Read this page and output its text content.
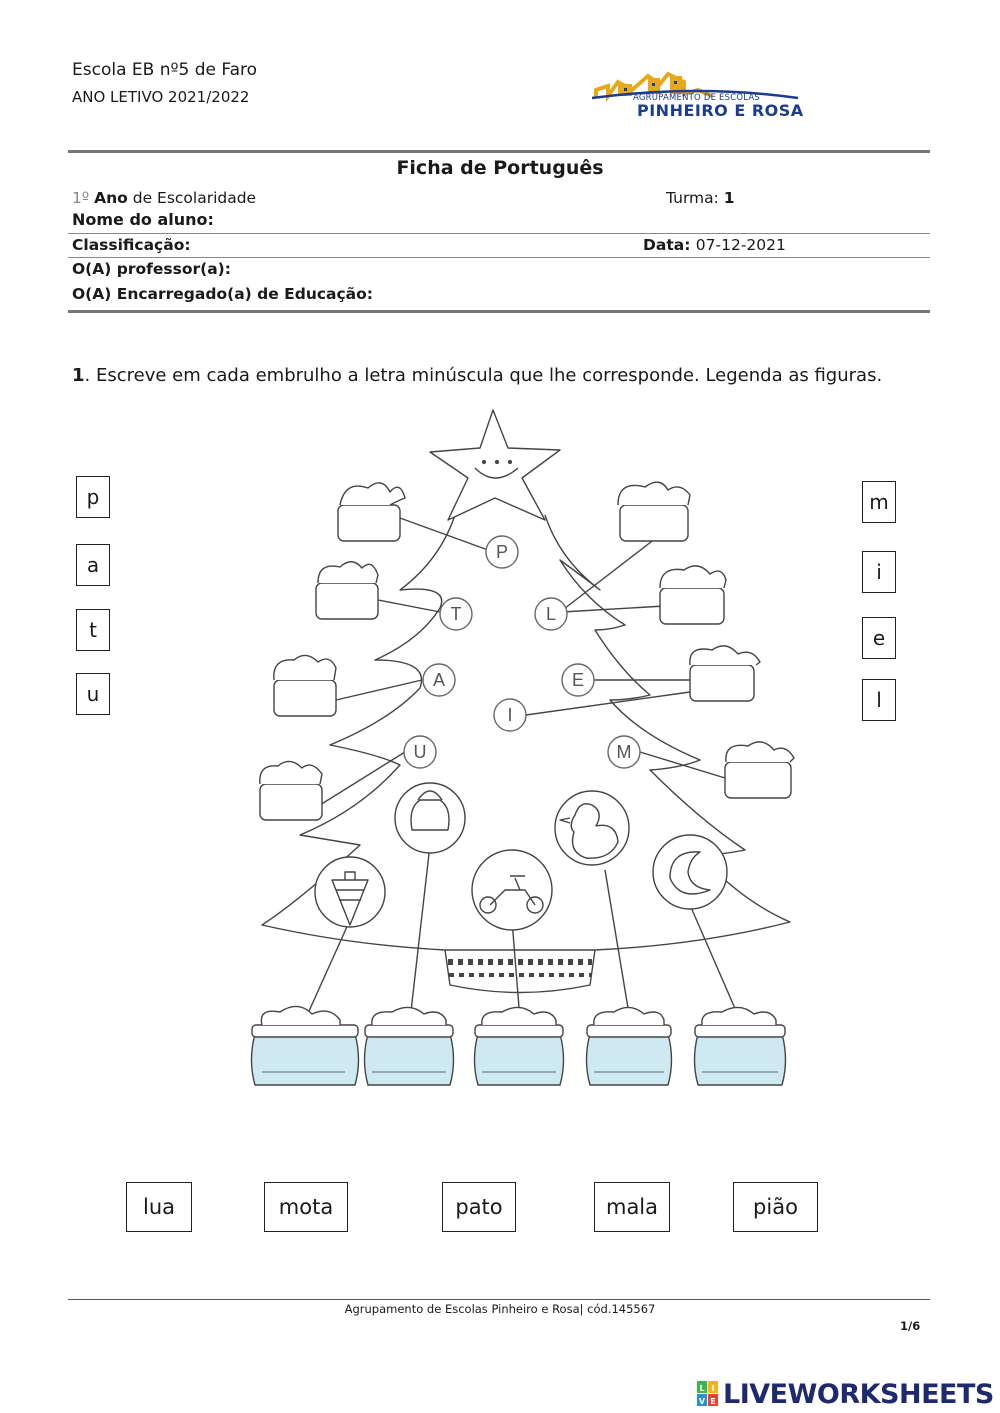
Escola EB nº5 de Faro
ANO LETIVO 2021/2022	AGRUPAMENTO DE ESCOLAS
PINHEIRO E ROSA
Ficha de Português
1º Ano de Escolaridade	Turma: 1
Nome do aluno:
Classificação:	Data: 07-12-2021
O(A) professor(a):
O(A) Encarregado(a) de Educação:
1. Escreve em cada embrulho a letra minúscula que lhe corresponde. Legenda as figuras.
p
a
t
u
m
i
e
l
P
T	L
A	E
I
U	M
lua	mota	pato	mala	pião
Agrupamento de Escolas Pinheiro e Rosa| cód.145567
1/6
L I
V E LIVEWORKSHEETS
